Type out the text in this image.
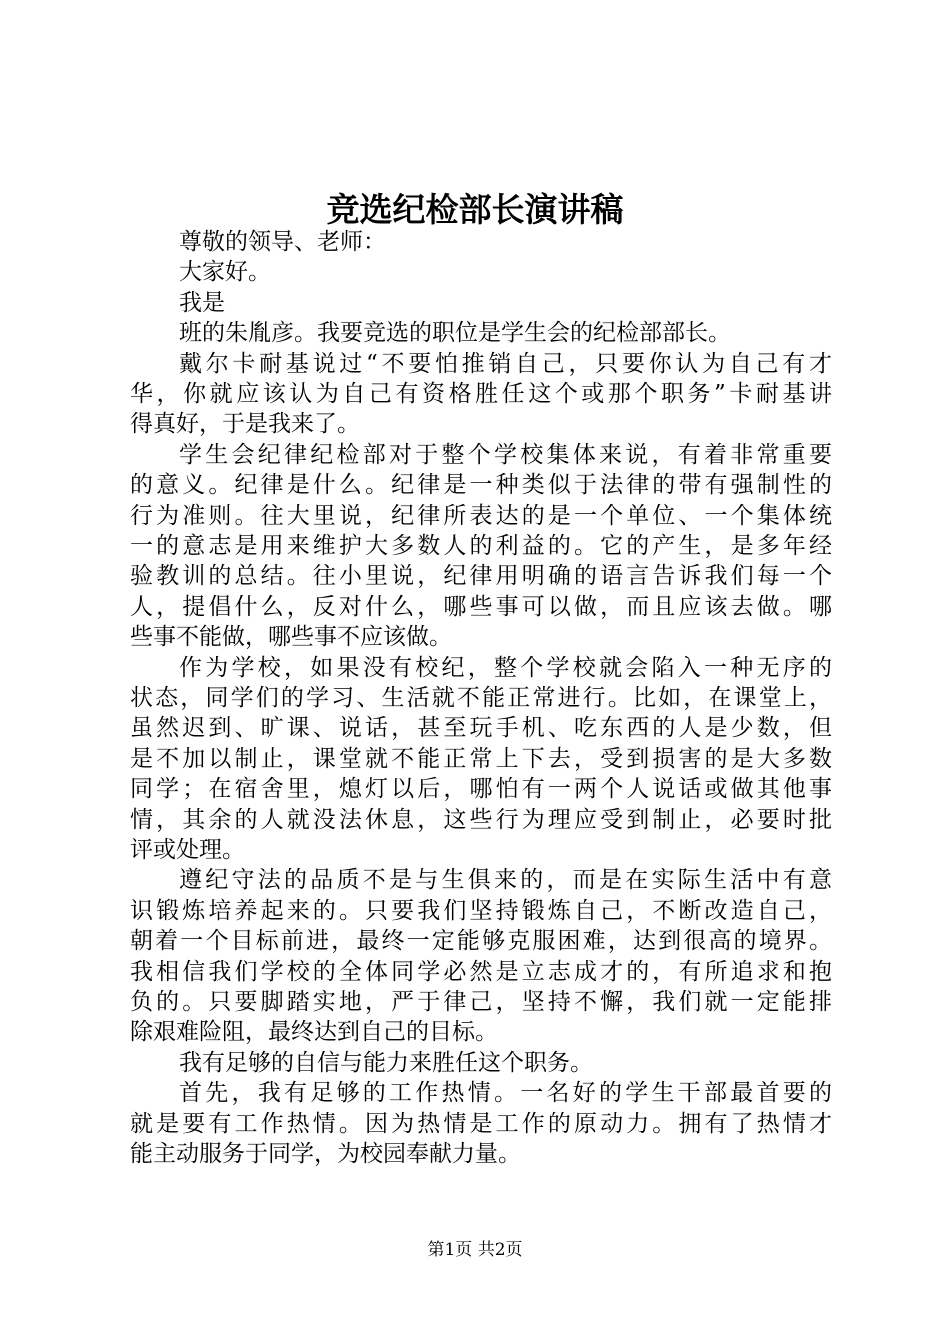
竞选纪检部长演讲稿
尊敬的领导、老师：
大家好。
我是
班的朱胤彦。我要竞选的职位是学生会的纪检部部长。
戴尔卡耐基说过“不要怕推销自己，只要你认为自己有才
华，你就应该认为自己有资格胜任这个或那个职务”卡耐基讲
得真好，于是我来了。
学生会纪律纪检部对于整个学校集体来说，有着非常重要
的意义。纪律是什么。纪律是一种类似于法律的带有强制性的
行为准则。往大里说，纪律所表达的是一个单位、一个集体统
一的意志是用来维护大多数人的利益的。它的产生，是多年经
验教训的总结。往小里说，纪律用明确的语言告诉我们每一个
人，提倡什么，反对什么，哪些事可以做，而且应该去做。哪
些事不能做，哪些事不应该做。
作为学校，如果没有校纪，整个学校就会陷入一种无序的
状态，同学们的学习、生活就不能正常进行。比如，在课堂上，
虽然迟到、旷课、说话，甚至玩手机、吃东西的人是少数，但
是不加以制止，课堂就不能正常上下去，受到损害的是大多数
同学；在宿舍里，熄灯以后，哪怕有一两个人说话或做其他事
情，其余的人就没法休息，这些行为理应受到制止，必要时批
评或处理。
遵纪守法的品质不是与生俱来的，而是在实际生活中有意
识锻炼培养起来的。只要我们坚持锻炼自己，不断改造自己，
朝着一个目标前进，最终一定能够克服困难，达到很高的境界。
我相信我们学校的全体同学必然是立志成才的，有所追求和抱
负的。只要脚踏实地，严于律己，坚持不懈，我们就一定能排
除艰难险阻，最终达到自己的目标。
我有足够的自信与能力来胜任这个职务。
首先，我有足够的工作热情。一名好的学生干部最首要的
就是要有工作热情。因为热情是工作的原动力。拥有了热情才
能主动服务于同学，为校园奉献力量。
第1页 共2页
